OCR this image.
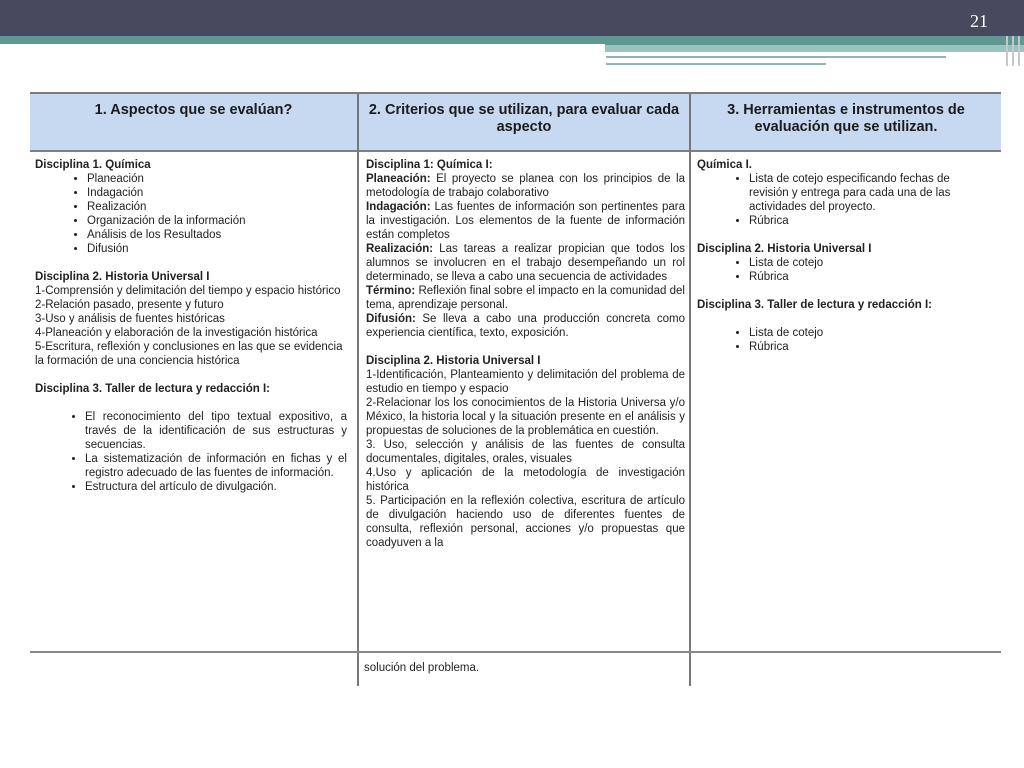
21
1. Aspectos que se evalúan?
Disciplina 1. Química
• Planeación
• Indagación
• Realización
• Organización de la información
• Análisis de los Resultados
• Difusión
Disciplina 2. Historia Universal I
1-Comprensión y delimitación del tiempo y espacio histórico
2-Relación pasado, presente y futuro
3-Uso y análisis de fuentes históricas
4-Planeación y elaboración de la investigación histórica
5-Escritura, reflexión y conclusiones en las que se evidencia la formación de una conciencia histórica
Disciplina 3. Taller de lectura y redacción I:
• El reconocimiento del tipo textual expositivo, a través de la identificación de sus estructuras y secuencias.
• La sistematización de información en fichas y el registro adecuado de las fuentes de información.
• Estructura del artículo de divulgación.
2. Criterios que se utilizan, para evaluar cada aspecto
Disciplina 1: Química I:
Planeación: El proyecto se planea con los principios de la metodología de trabajo colaborativo
Indagación: Las fuentes de información son pertinentes para la investigación. Los elementos de la fuente de información están completos
Realización: Las tareas a realizar propician que todos los alumnos se involucren en el trabajo desempeñando un rol determinado, se lleva a cabo una secuencia de actividades
Término: Reflexión final sobre el impacto en la comunidad del tema, aprendizaje personal.
Difusión: Se lleva a cabo una producción concreta como experiencia científica, texto, exposición.
Disciplina 2. Historia Universal I
1-Identificación, Planteamiento y delimitación del problema de estudio en tiempo y espacio
2-Relacionar los los conocimientos de la Historia Universa y/o México, la historia local y la situación presente en el análisis y propuestas de soluciones de la problemática en cuestión.
3. Uso, selección y análisis de las fuentes de consulta documentales, digitales, orales, visuales
4.Uso y aplicación de la metodología de investigación histórica
5. Participación en la reflexión colectiva, escritura de artículo de divulgación haciendo uso de diferentes fuentes de consulta, reflexión personal, acciones y/o propuestas que coadyuven a la
3. Herramientas e instrumentos de evaluación que se utilizan.
Química I.
• Lista de cotejo especificando fechas de revisión y entrega para cada una de las actividades del proyecto.
• Rúbrica
Disciplina 2. Historia Universal I
• Lista de cotejo
• Rúbrica
Disciplina 3. Taller de lectura y redacción I:
• Lista de cotejo
• Rúbrica
solución del problema.
